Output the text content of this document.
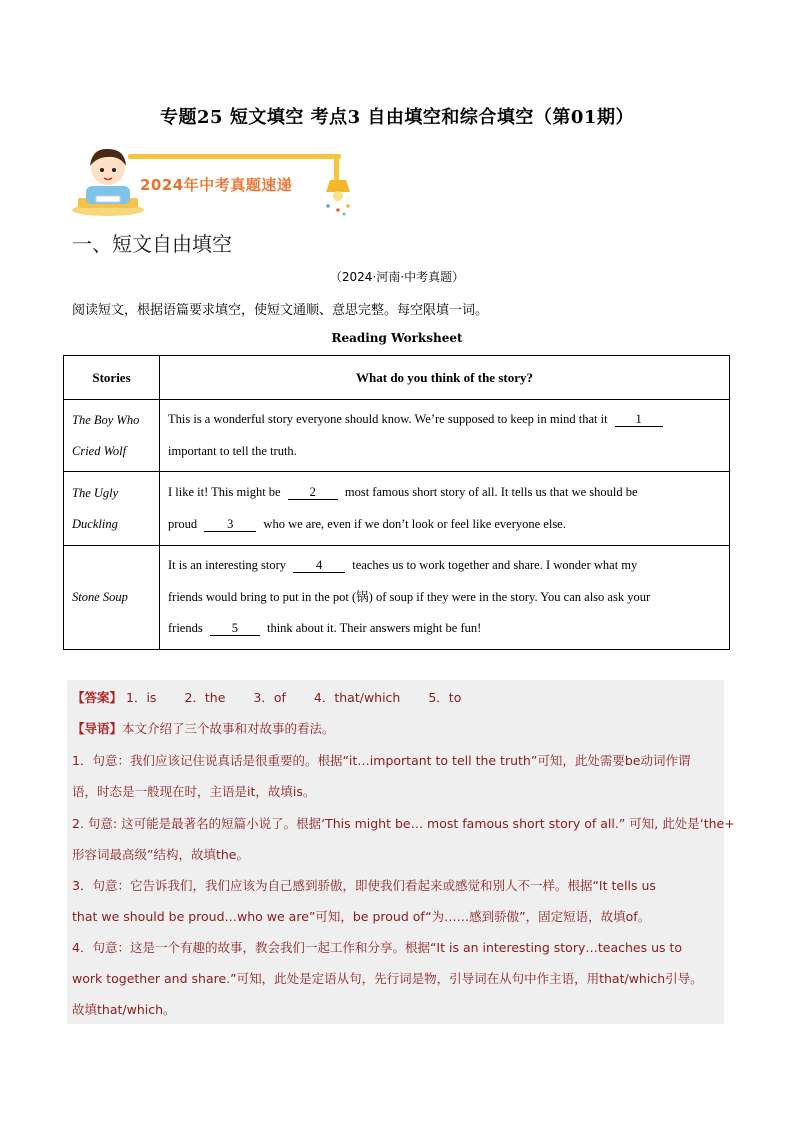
专题25 短文填空 考点3 自由填空和综合填空（第01期）
2024年中考真题速递
一、短文自由填空
（2024·河南·中考真题）
阅读短文，根据语篇要求填空，使短文通顺、意思完整。每空限填一词。
Reading Worksheet
Stories	What do you think of the story?
The Boy Who
Cried Wolf	This is a wonderful story everyone should know. We’re supposed to keep in mind that it 1
important to tell the truth.
The Ugly
Duckling	I like it! This might be 2 most famous short story of all. It tells us that we should be
proud 3 who we are, even if we don’t look or feel like everyone else.
Stone Soup	It is an interesting story 4 teaches us to work together and share. I wonder what my
friends would bring to put in the pot (锅) of soup if they were in the story. You can also ask your
friends 5 think about it. Their answers might be fun!
【答案】 1．is 2．the 3．of 4．that/which 5．to
【导语】本文介绍了三个故事和对故事的看法。
1．句意：我们应该记住说真话是很重要的。根据“it…important to tell the truth”可知，此处需要be动词作谓
语，时态是一般现在时，主语是it，故填is。
2. 句意: 这可能是最著名的短篇小说了。根据‘This might be… most famous short story of all.” 可知, 此处是‘the+
形容词最高级”结构，故填the。
3．句意：它告诉我们，我们应该为自己感到骄傲，即使我们看起来或感觉和别人不一样。根据“It tells us
that we should be proud…who we are”可知，be proud of“为……感到骄傲”，固定短语，故填of。
4．句意：这是一个有趣的故事，教会我们一起工作和分享。根据“It is an interesting story…teaches us to
work together and share.”可知，此处是定语从句，先行词是物，引导词在从句中作主语，用that/which引导。
故填that/which。
